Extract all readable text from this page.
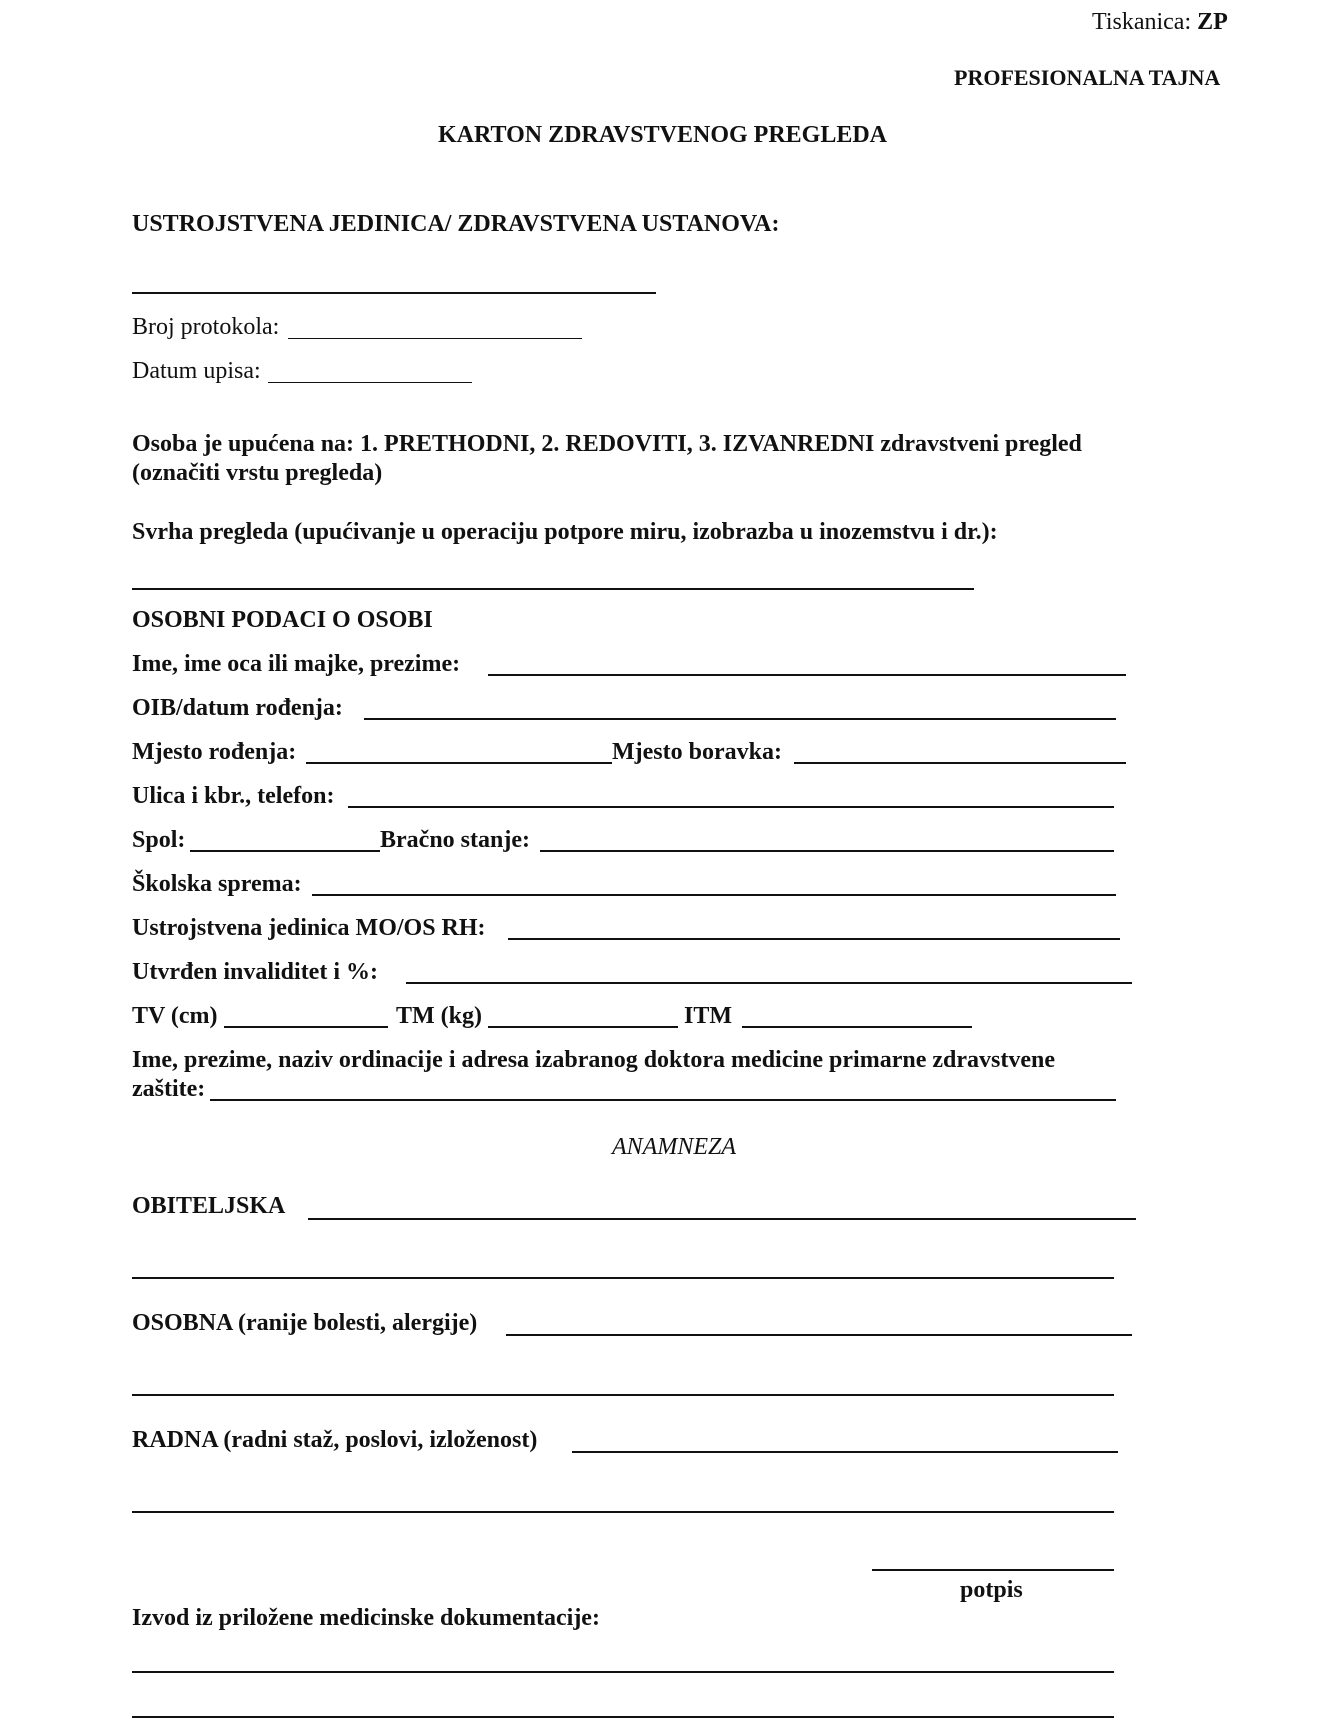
Tiskanica: ZP
PROFESIONALNA TAJNA
KARTON ZDRAVSTVENOG PREGLEDA
USTROJSTVENA JEDINICA/ ZDRAVSTVENA USTANOVA:
Broj protokola:
Datum upisa:
Osoba je upućena na: 1. PRETHODNI, 2. REDOVITI, 3. IZVANREDNI zdravstveni pregled
(označiti vrstu pregleda)
Svrha pregleda (upućivanje u operaciju potpore miru, izobrazba u inozemstvu i dr.):
OSOBNI PODACI O OSOBI
Ime, ime oca ili majke, prezime:
OIB/datum rođenja:
Mjesto rođenja:	Mjesto boravka:
Ulica i kbr., telefon:
Spol:	Bračno stanje:
Školska sprema:
Ustrojstvena jedinica MO/OS RH:
Utvrđen invaliditet i %:
TV (cm)	TM (kg)	ITM
Ime, prezime, naziv ordinacije i adresa izabranog doktora medicine primarne zdravstvene
zaštite:
ANAMNEZA
OBITELJSKA
OSOBNA (ranije bolesti, alergije)
RADNA (radni staž, poslovi, izloženost)
potpis
Izvod iz priložene medicinske dokumentacije:
